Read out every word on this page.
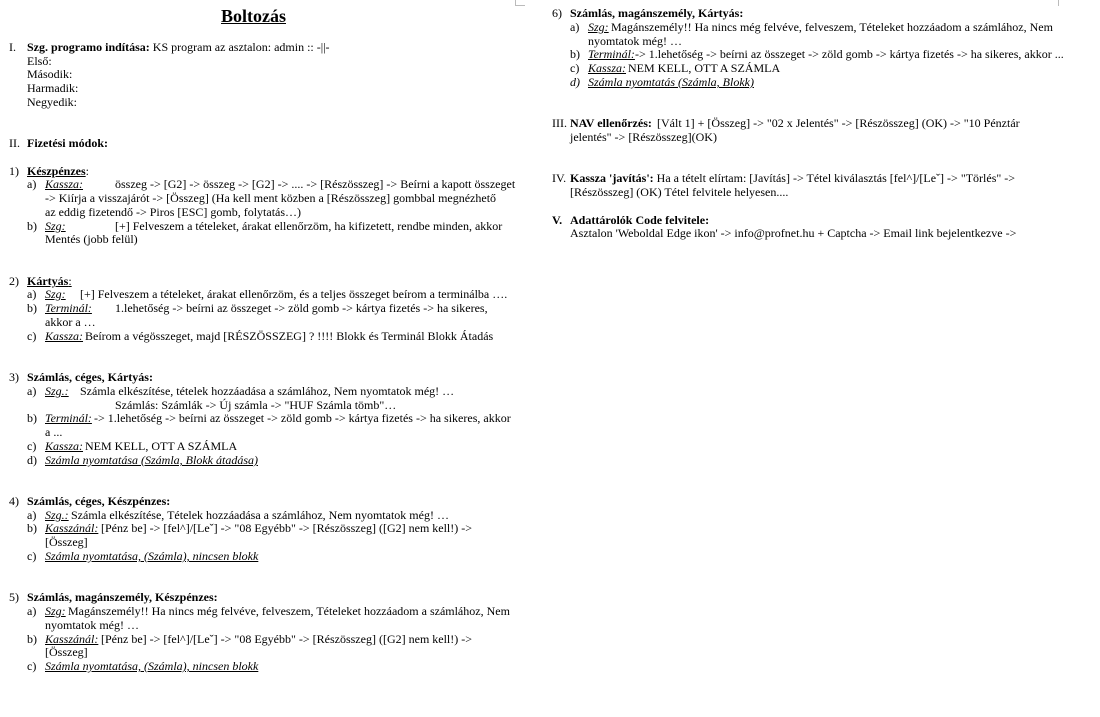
Boltozás
I. Szg. programo indítása: KS program az asztalon: admin :: -||-
Első:
Második:
Harmadik:
Negyedik:
II. Fizetési módok:
1) Készpénzes:
a) Kassza:	összeg -> [G2] -> összeg -> [G2] -> .... -> [Részösszeg] -> Beírni a kapott összeget
-> Kiírja a visszajárót -> [Összeg] (Ha kell ment közben a [Részösszeg] gombbal megnézhető
az eddig fizetendő -> Piros [ESC] gomb, folytatás…)
b) Szg:	[+] Felveszem a tételeket, árakat ellenőrzöm, ha kifizetett, rendbe minden, akkor
Mentés (jobb felül)
2) Kártyás:
a) Szg: [+] Felveszem a tételeket, árakat ellenőrzöm, és a teljes összeget beírom a terminálba ….
b) Terminál: 1.lehetőség -> beírni az összeget -> zöld gomb -> kártya fizetés -> ha sikeres,
akkor a …
c) Kassza: Beírom a végösszeget, majd [RÉSZÖSSZEG] ? !!!! Blokk és Terminál Blokk Átadás
3) Számlás, céges, Kártyás:
a) Szg.: Számla elkészítése, tételek hozzáadása a számlához, Nem nyomtatok még! …
Számlás: Számlák -> Új számla -> "HUF Számla tömb"…
b) Terminál: -> 1.lehetőség -> beírni az összeget -> zöld gomb -> kártya fizetés -> ha sikeres, akkor
a ...
c) Kassza: NEM KELL, OTT A SZÁMLA
d) Számla nyomtatása (Számla, Blokk átadása)
4) Számlás, céges, Készpénzes:
a) Szg.: Számla elkészítése, Tételek hozzáadása a számlához, Nem nyomtatok még! …
b) Kasszánál: [Pénz be] -> [fel^]/[Leˇ] -> "08 Egyébb" -> [Részösszeg] ([G2] nem kell!) ->
[Összeg]
c) Számla nyomtatása, (Számla), nincsen blokk
5) Számlás, magánszemély, Készpénzes:
a) Szg: Magánszemély!! Ha nincs még felvéve, felveszem, Tételeket hozzáadom a számlához, Nem
nyomtatok még! …
b) Kasszánál: [Pénz be] -> [fel^]/[Leˇ] -> "08 Egyébb" -> [Részösszeg] ([G2] nem kell!) ->
[Összeg]
c) Számla nyomtatása, (Számla), nincsen blokk
6) Számlás, magánszemély, Kártyás:
a) Szg: Magánszemély!! Ha nincs még felvéve, felveszem, Tételeket hozzáadom a számlához, Nem
nyomtatok még! …
b) Terminál: -> 1.lehetőség -> beírni az összeget -> zöld gomb -> kártya fizetés -> ha sikeres, akkor ...
c) Kassza: NEM KELL, OTT A SZÁMLA
d) Számla nyomtatás (Számla, Blokk)
III. NAV ellenőrzés: [Vált 1] + [Összeg] -> "02 x Jelentés" -> [Részösszeg] (OK) -> "10 Pénztár
jelentés" -> [Részösszeg](OK)
IV. Kassza 'javítás': Ha a tételt elírtam: [Javítás] -> Tétel kiválasztás [fel^]/[Leˇ] -> "Törlés" ->
[Részösszeg] (OK) Tétel felvitele helyesen....
V. Adattárolók Code felvitele:
Asztalon 'Weboldal Edge ikon' -> info@profnet.hu + Captcha -> Email link bejelentkezve ->
